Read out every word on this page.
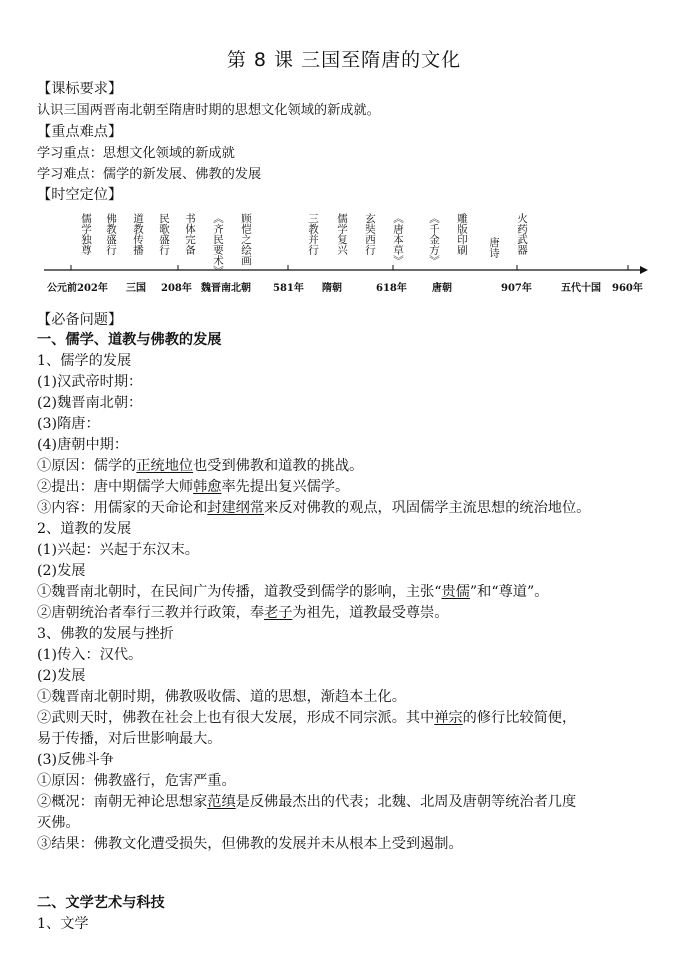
第 8 课 三国至隋唐的文化
【课标要求】
认识三国两晋南北朝至隋唐时期的思想文化领域的新成就。
【重点难点】
学习重点：思想文化领域的新成就
学习难点：儒学的新发展、佛教的发展
【时空定位】
儒学独尊 佛教盛行 道教传播 民歌盛行 书体完备 《齐民要术》 顾恺之绘画	三教并行 儒学复兴 玄奘西行 《唐本草》 《千金方》 雕版印刷 唐诗 火药武器
公元前202年 三国 208年 魏晋南北朝 581年 隋朝	618年	唐朝	907年	五代十国 960年
【必备问题】
一、儒学、道教与佛教的发展
1、儒学的发展
(1)汉武帝时期：
(2)魏晋南北朝：
(3)隋唐：
(4)唐朝中期：
①原因：儒学的正统地位也受到佛教和道教的挑战。
②提出：唐中期儒学大师韩愈率先提出复兴儒学。
③内容：用儒家的天命论和封建纲常来反对佛教的观点，巩固儒学主流思想的统治地位。
2、道教的发展
(1)兴起：兴起于东汉末。
(2)发展
①魏晋南北朝时，在民间广为传播，道教受到儒学的影响，主张“贵儒”和“尊道”。
②唐朝统治者奉行三教并行政策，奉老子为祖先，道教最受尊崇。
3、佛教的发展与挫折
(1)传入：汉代。
(2)发展
①魏晋南北朝时期，佛教吸收儒、道的思想，渐趋本土化。
②武则天时，佛教在社会上也有很大发展，形成不同宗派。其中禅宗的修行比较简便，
易于传播，对后世影响最大。
(3)反佛斗争
①原因：佛教盛行，危害严重。
②概况：南朝无神论思想家范缜是反佛最杰出的代表；北魏、北周及唐朝等统治者几度
灭佛。
③结果：佛教文化遭受损失，但佛教的发展并未从根本上受到遏制。
二、文学艺术与科技
1、文学
